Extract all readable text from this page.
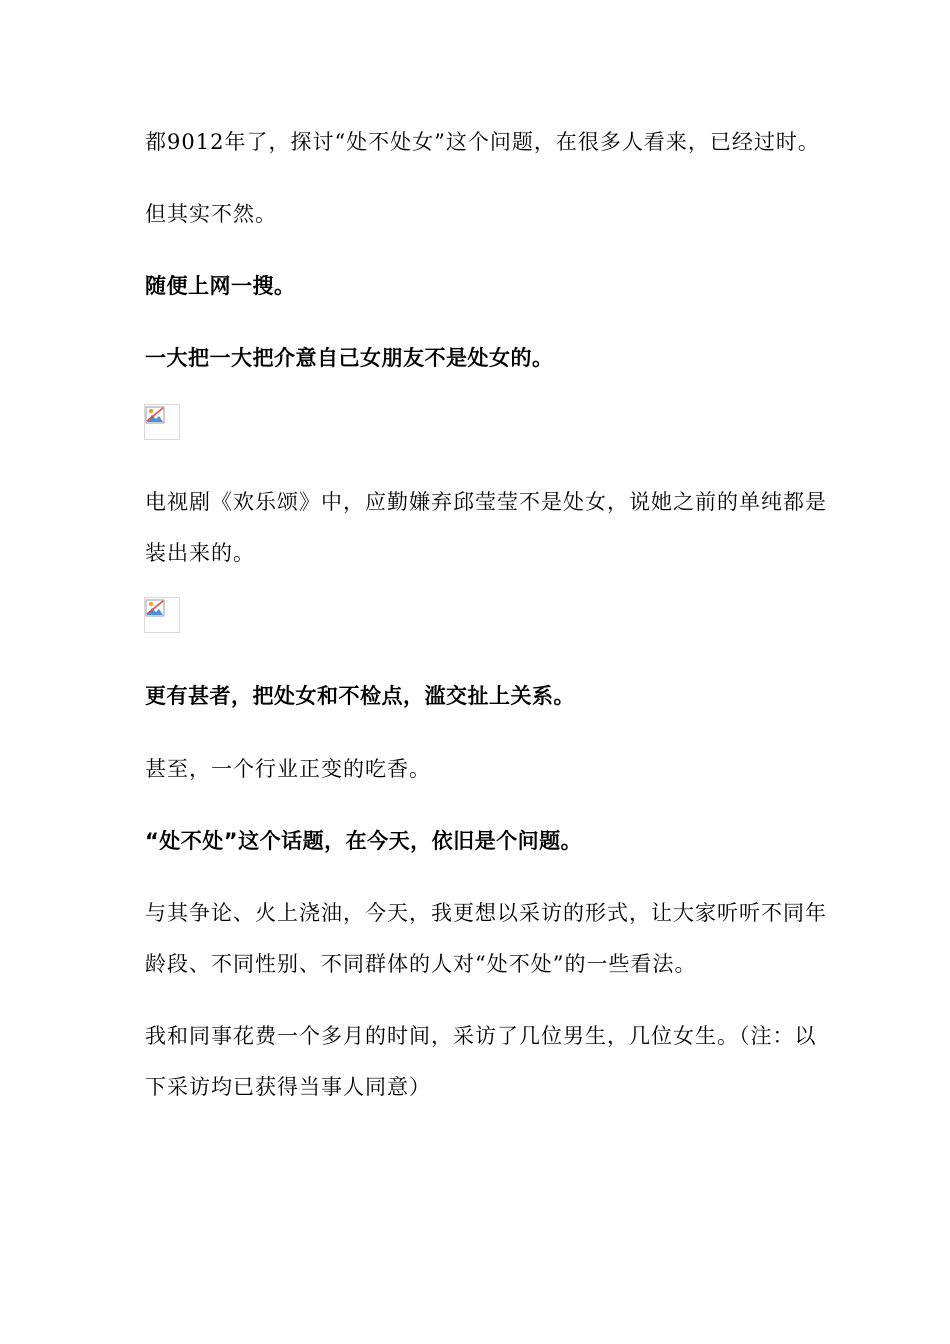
都9012年了，探讨“处不处女”这个问题，在很多人看来，已经过时。
但其实不然。
随便上网一搜。
一大把一大把介意自己女朋友不是处女的。
电视剧《欢乐颂》中，应勤嫌弃邱莹莹不是处女，说她之前的单纯都是
装出来的。
更有甚者，把处女和不检点，滥交扯上关系。
甚至，一个行业正变的吃香。
“处不处”这个话题，在今天，依旧是个问题。
与其争论、火上浇油，今天，我更想以采访的形式，让大家听听不同年
龄段、不同性别、不同群体的人对“处不处”的一些看法。
我和同事花费一个多月的时间，采访了几位男生，几位女生。（注：以
下采访均已获得当事人同意）
